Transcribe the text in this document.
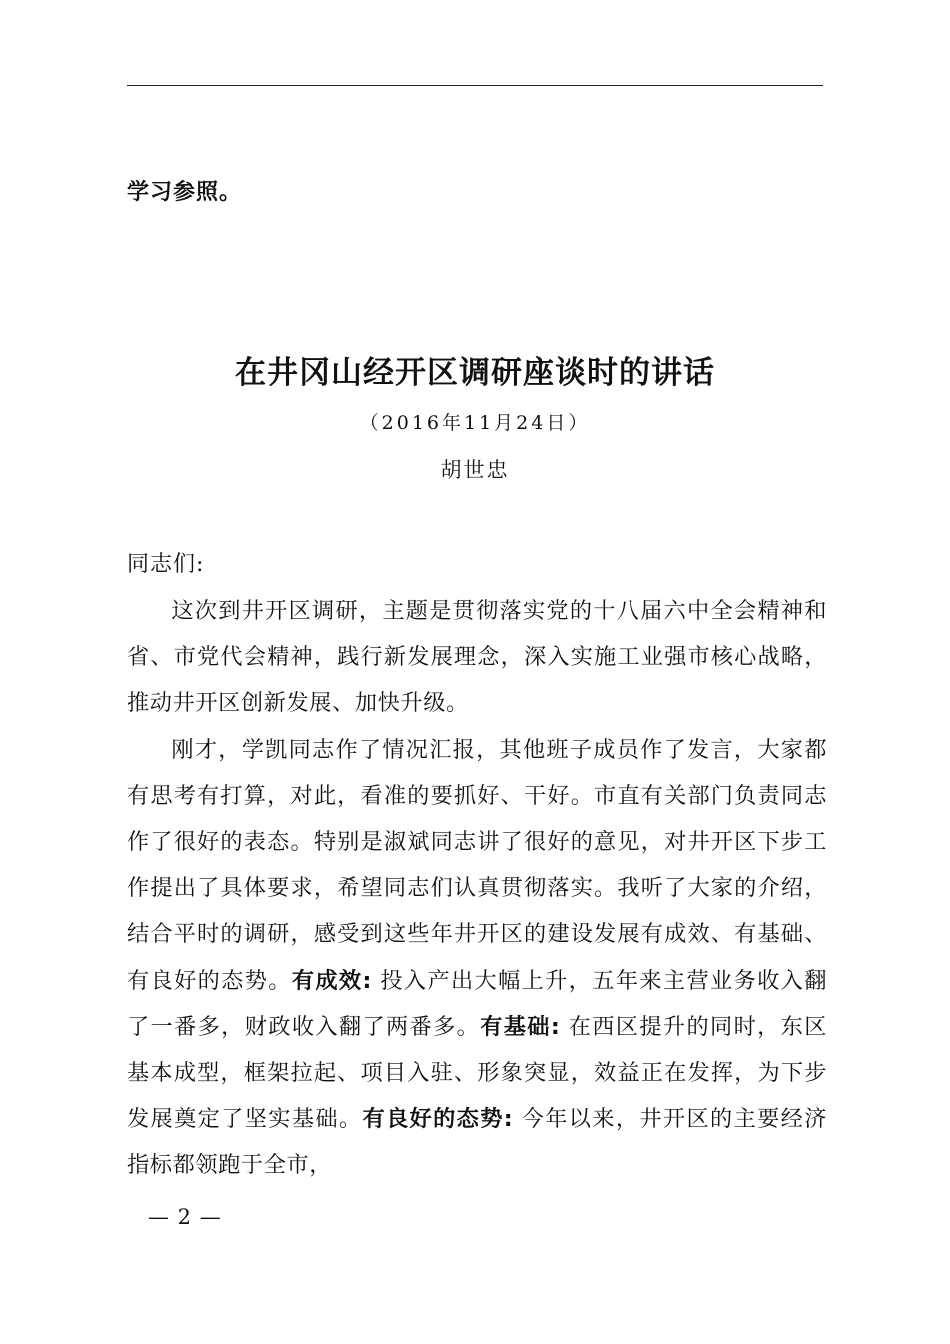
学习参照。
在井冈山经开区调研座谈时的讲话
（2016年11月24日）
胡世忠
同志们:

这次到井开区调研，主题是贯彻落实党的十八届六中全会精神和省、市党代会精神，践行新发展理念，深入实施工业强市核心战略，推动井开区创新发展、加快升级。

刚才，学凯同志作了情况汇报，其他班子成员作了发言，大家都有思考有打算，对此，看准的要抓好、干好。市直有关部门负责同志作了很好的表态。特别是淑斌同志讲了很好的意见，对井开区下步工作提出了具体要求，希望同志们认真贯彻落实。我听了大家的介绍，结合平时的调研，感受到这些年井开区的建设发展有成效、有基础、有良好的态势。有成效: 投入产出大幅上升，五年来主营业务收入翻了一番多，财政收入翻了两番多。有基础: 在西区提升的同时，东区基本成型，框架拉起、项目入驻、形象突显，效益正在发挥，为下步发展奠定了坚实基础。有良好的态势: 今年以来，井开区的主要经济指标都领跑于全市，

— 2 —
